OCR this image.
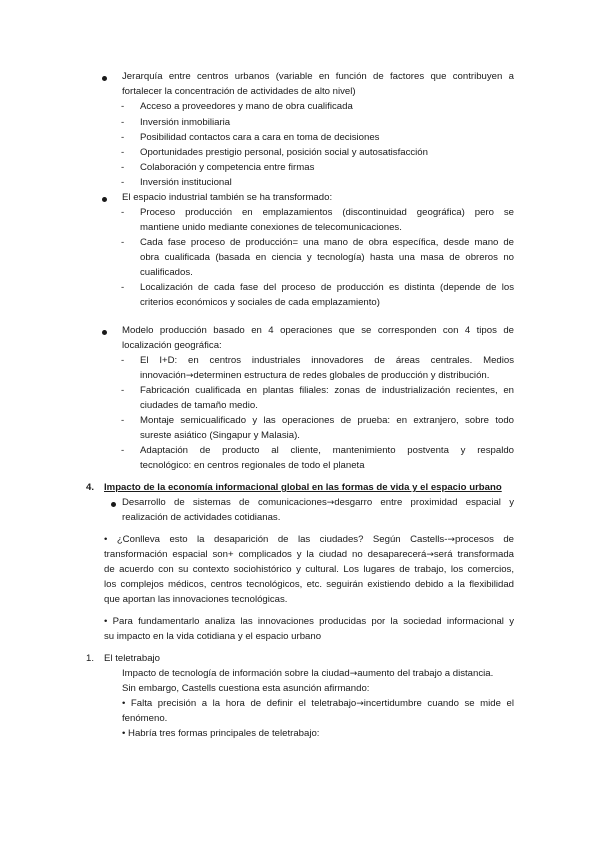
Jerarquía entre centros urbanos (variable en función de factores que contribuyen a
fortalecer la concentración de actividades de alto nivel)
- Acceso a proveedores y mano de obra cualificada
- Inversión inmobiliaria
- Posibilidad contactos cara a cara en toma de decisiones
- Oportunidades prestigio personal, posición social y autosatisfacción
- Colaboración y competencia entre firmas
- Inversión institucional
El espacio industrial también se ha transformado:
- Proceso producción en emplazamientos (discontinuidad geográfica) pero se
mantiene unido mediante conexiones de telecomunicaciones.
- Cada fase proceso de producción= una mano de obra específica, desde mano de
obra cualificada (basada en ciencia y tecnología) hasta una masa de obreros no
cualificados.
- Localización de cada fase del proceso de producción es distinta (depende de los
criterios económicos y sociales de cada emplazamiento)
Modelo producción basado en 4 operaciones que se corresponden con 4 tipos de
localización geográfica:
- El I+D: en centros industriales innovadores de áreas centrales. Medios
innovación→determinen estructura de redes globales de producción y distribución.
- Fabricación cualificada en plantas filiales: zonas de industrialización recientes, en
ciudades de tamaño medio.
- Montaje semicualificado y las operaciones de prueba: en extranjero, sobre todo
sureste asiático (Singapur y Malasia).
- Adaptación de producto al cliente, mantenimiento postventa y respaldo
tecnológico: en centros regionales de todo el planeta
4. Impacto de la economía informacional global en las formas de vida y el espacio urbano
Desarrollo de sistemas de comunicaciones→desgarro entre proximidad espacial y
realización de actividades cotidianas.
• ¿Conlleva esto la desaparición de las ciudades? Según Castells-→procesos de
transformación espacial son+ complicados y la ciudad no desaparecerá→será transformada
de acuerdo con su contexto sociohistórico y cultural. Los lugares de trabajo, los comercios,
los complejos médicos, centros tecnológicos, etc. seguirán existiendo debido a la flexibilidad
que aportan las innovaciones tecnológicas.
• Para fundamentarlo analiza las innovaciones producidas por la sociedad informacional y
su impacto en la vida cotidiana y el espacio urbano
1. El teletrabajo
Impacto de tecnología de información sobre la ciudad→aumento del trabajo a distancia.
Sin embargo, Castells cuestiona esta asunción afirmando:
• Falta precisión a la hora de definir el teletrabajo→incertidumbre cuando se mide el
fenómeno.
• Habría tres formas principales de teletrabajo:
